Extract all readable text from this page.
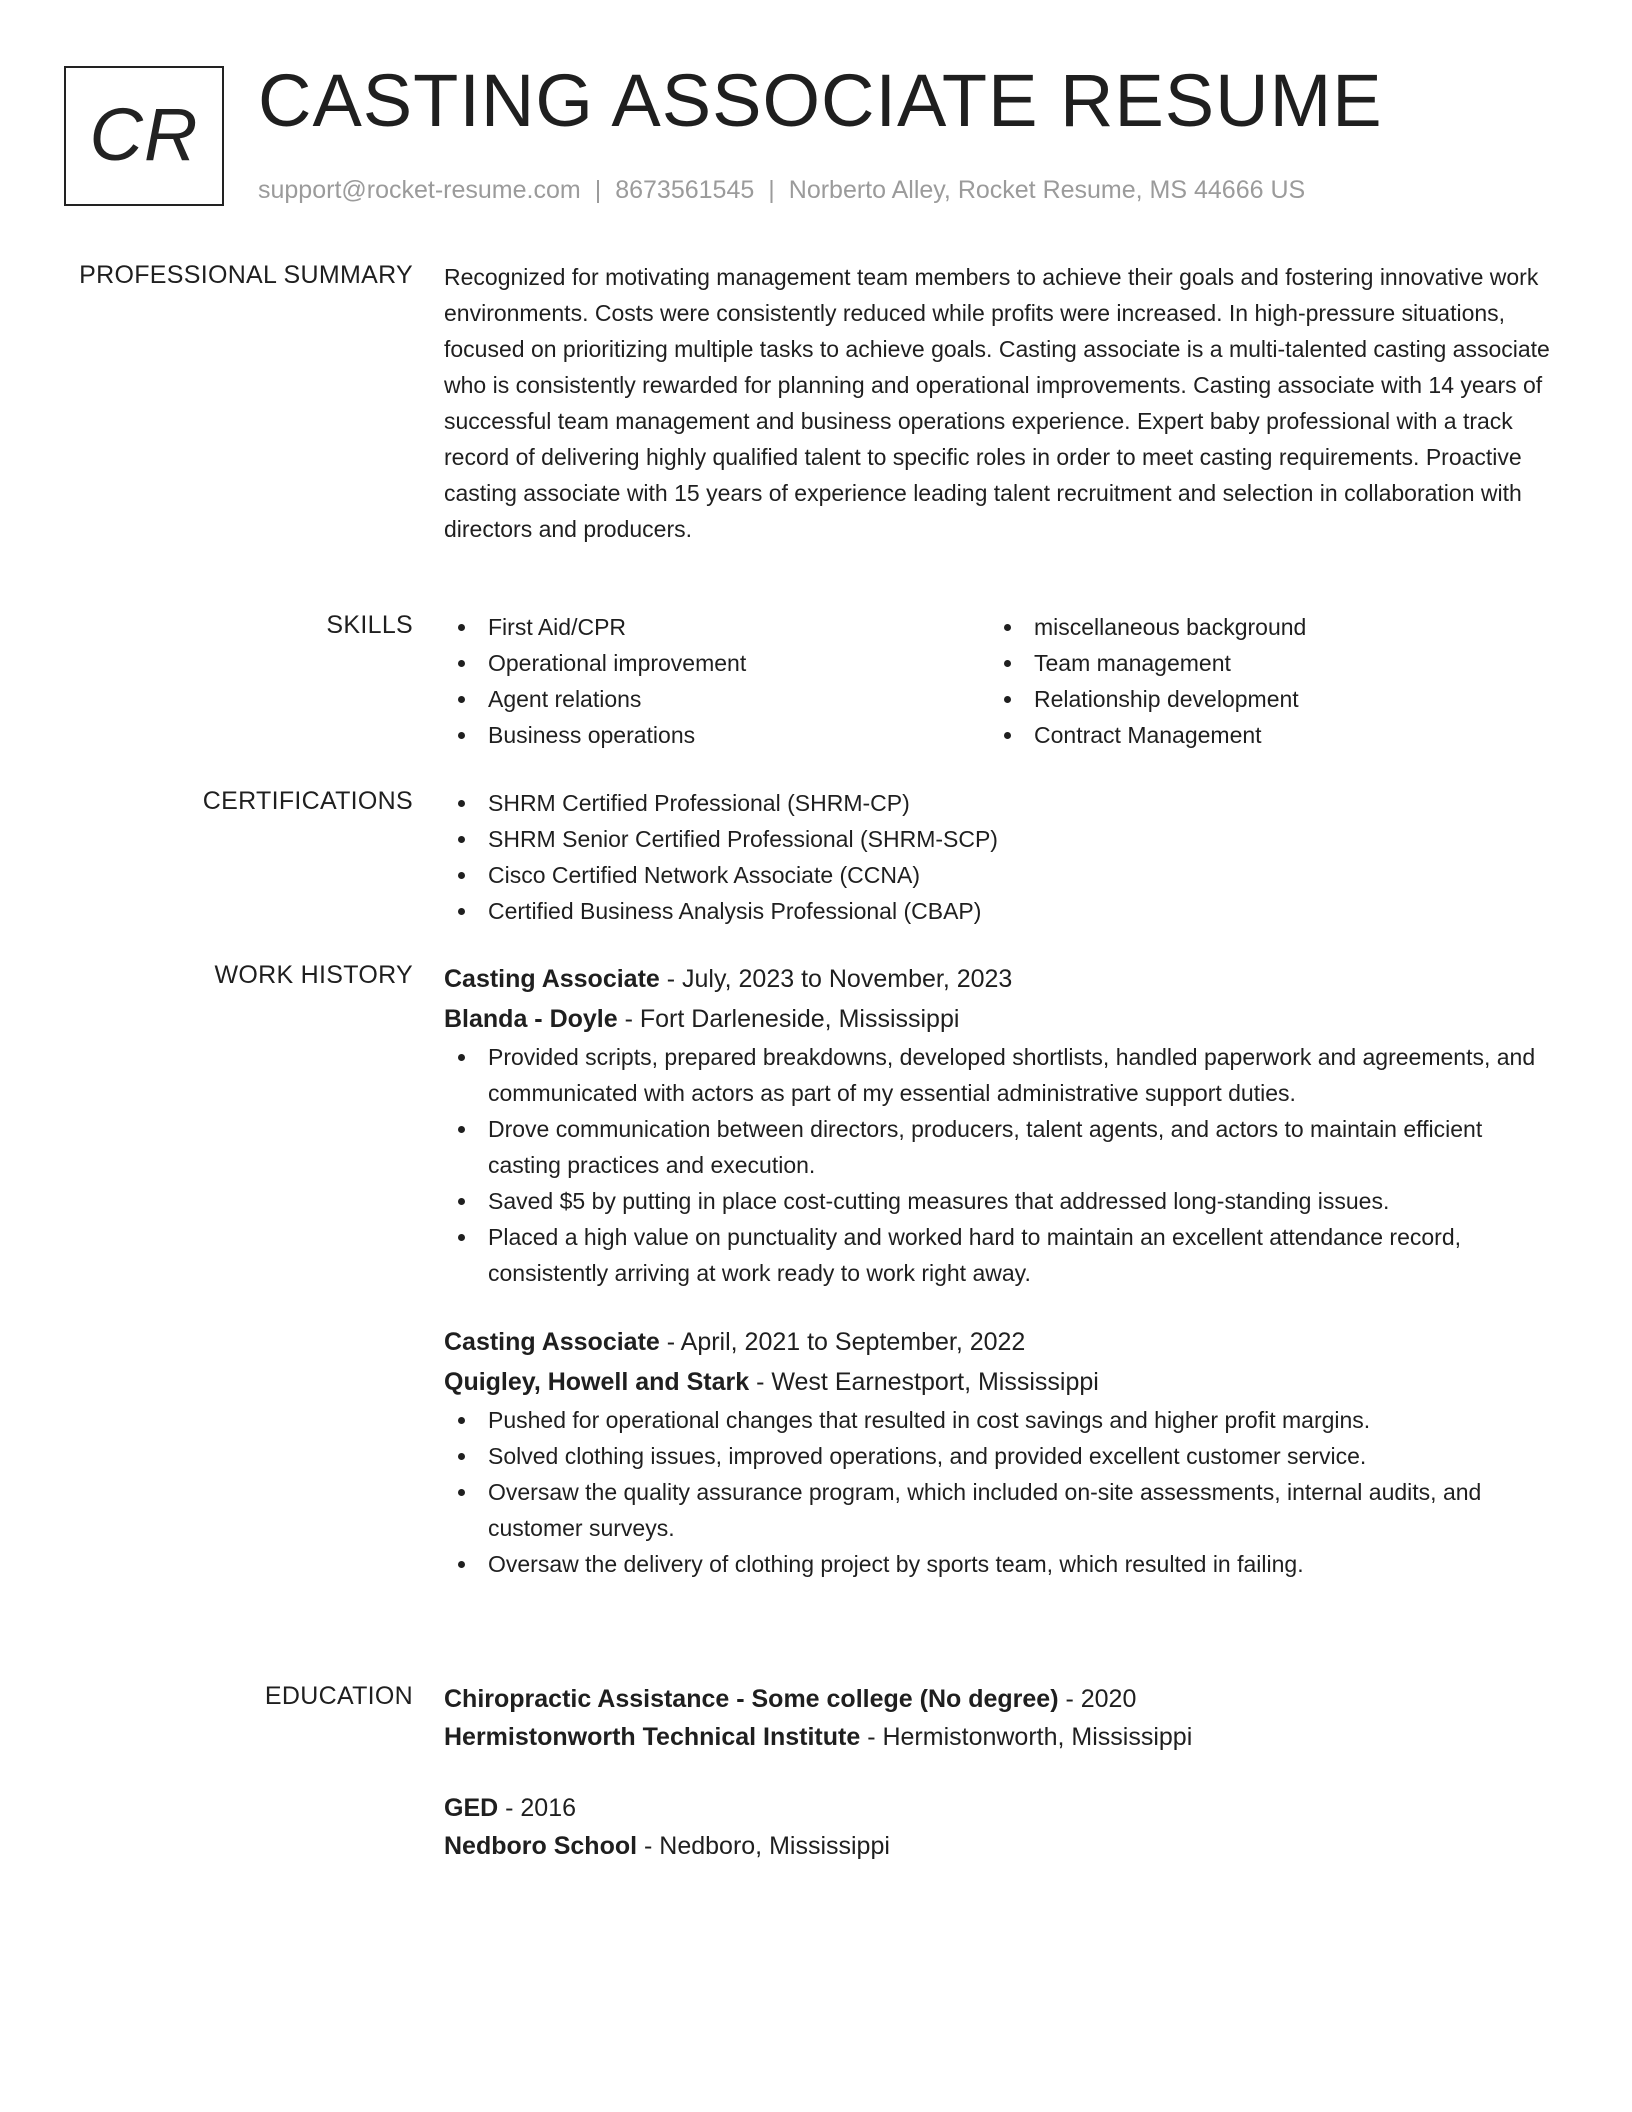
CR CASTING ASSOCIATE RESUME
support@rocket-resume.com | 8673561545 | Norberto Alley, Rocket Resume, MS 44666 US
PROFESSIONAL SUMMARY Recognized for motivating management team members to achieve their goals and fostering innovative work environments. Costs were consistently reduced while profits were increased. In high-pressure situations, focused on prioritizing multiple tasks to achieve goals. Casting associate is a multi-talented casting associate who is consistently rewarded for planning and operational improvements. Casting associate with 14 years of successful team management and business operations experience. Expert baby professional with a track record of delivering highly qualified talent to specific roles in order to meet casting requirements. Proactive casting associate with 15 years of experience leading talent recruitment and selection in collaboration with directors and producers.

SKILLS	First Aid/CPR
Operational improvement
Agent relations
Business operations
miscellaneous background
Team management
Relationship development
Contract Management
CERTIFICATIONS	SHRM Certified Professional (SHRM-CP)
SHRM Senior Certified Professional (SHRM-SCP)
Cisco Certified Network Associate (CCNA)
Certified Business Analysis Professional (CBAP)
WORK HISTORY Casting Associate - July, 2023 to November, 2023
Blanda - Doyle - Fort Darleneside, Mississippi
Provided scripts, prepared breakdowns, developed shortlists, handled paperwork and agreements, and communicated with actors as part of my essential administrative support duties.
Drove communication between directors, producers, talent agents, and actors to maintain efficient casting practices and execution.
Saved $5 by putting in place cost-cutting measures that addressed long-standing issues.
Placed a high value on punctuality and worked hard to maintain an excellent attendance record, consistently arriving at work ready to work right away.
Casting Associate - April, 2021 to September, 2022
Quigley, Howell and Stark - West Earnestport, Mississippi
Pushed for operational changes that resulted in cost savings and higher profit margins.
Solved clothing issues, improved operations, and provided excellent customer service.
Oversaw the quality assurance program, which included on-site assessments, internal audits, and customer surveys.
Oversaw the delivery of clothing project by sports team, which resulted in failing.
EDUCATION Chiropractic Assistance - Some college (No degree) - 2020
Hermistonworth Technical Institute - Hermistonworth, Mississippi
GED - 2016
Nedboro School - Nedboro, Mississippi
